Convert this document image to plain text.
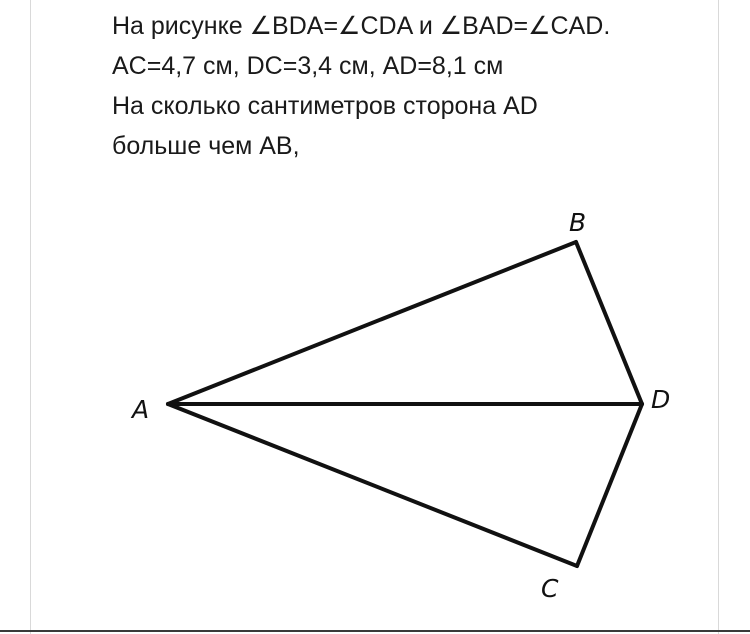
На рисунке ∠BDA=∠CDA и ∠BAD=∠CAD.
AC=4,7 см, DC=3,4 см, AD=8,1 см
На сколько сантиметров сторона AD
больше чем AB,
A
B
C
D
